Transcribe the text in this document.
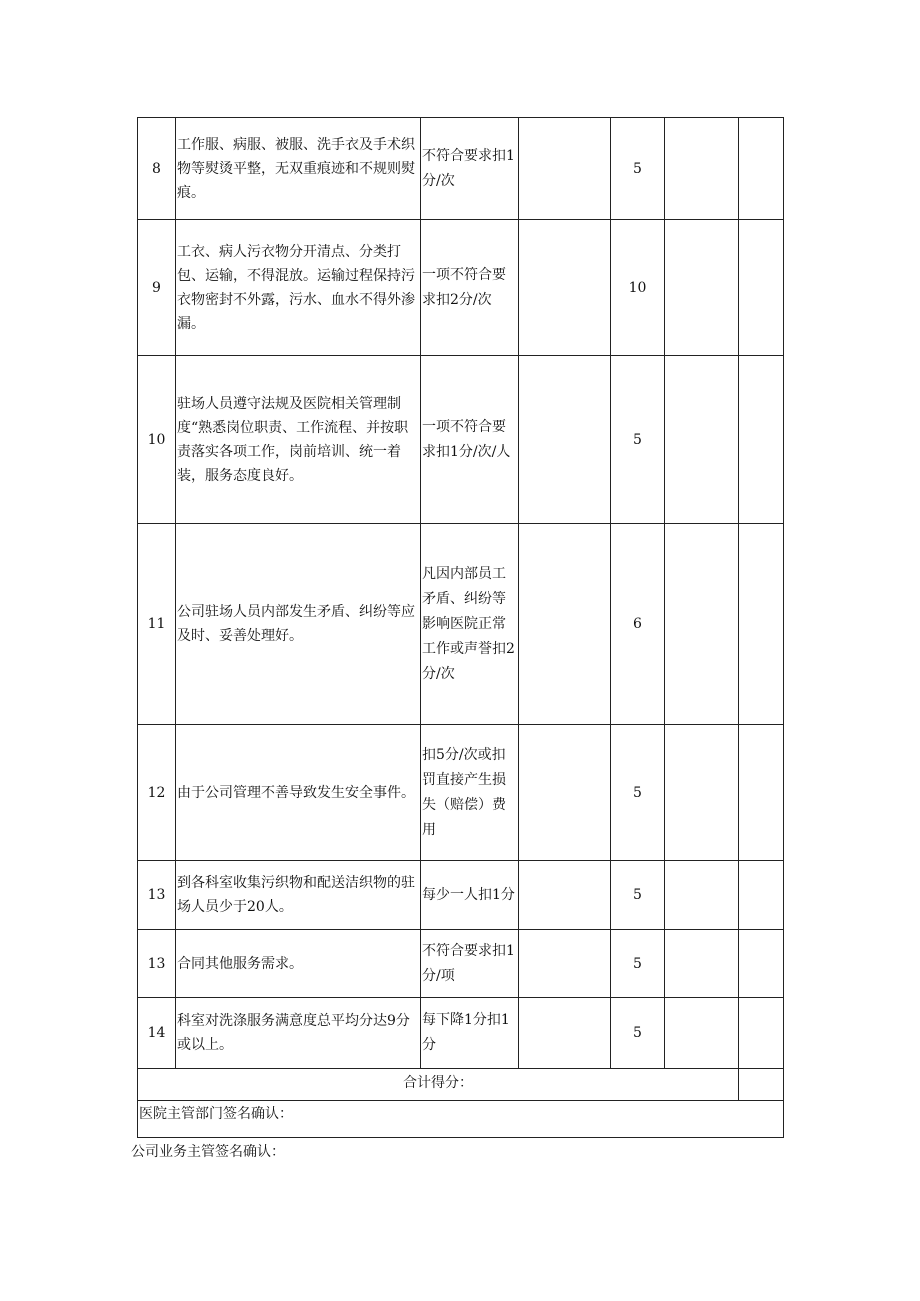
8	工作服、病服、被服、洗手衣及手术织物等熨烫平整，无双重痕迹和不规则熨痕。	不符合要求扣1分/次		5		
9	工衣、病人污衣物分开清点、分类打包、运输，不得混放。运输过程保持污衣物密封不外露，污水、血水不得外渗漏。	一项不符合要求扣2分/次		10		
10	驻场人员遵守法规及医院相关管理制度“熟悉岗位职责、工作流程、并按职责落实各项工作，岗前培训、统一着装，服务态度良好。	一项不符合要求扣1分/次/人		5		
11	公司驻场人员内部发生矛盾、纠纷等应及时、妥善处理好。	凡因内部员工矛盾、纠纷等影响医院正常工作或声誉扣2分/次		6		
12	由于公司管理不善导致发生安全事件。	扣5分/次或扣罚直接产生损失（赔偿）费用		5		
13	到各科室收集污织物和配送洁织物的驻场人员少于20人。	每少一人扣1分		5		
13	合同其他服务需求。	不符合要求扣1分/项		5		
14	科室对洗涤服务满意度总平均分达9分或以上。	每下降1分扣1分		5		
合计得分：						
医院主管部门签名确认：						
公司业务主管签名确认：
